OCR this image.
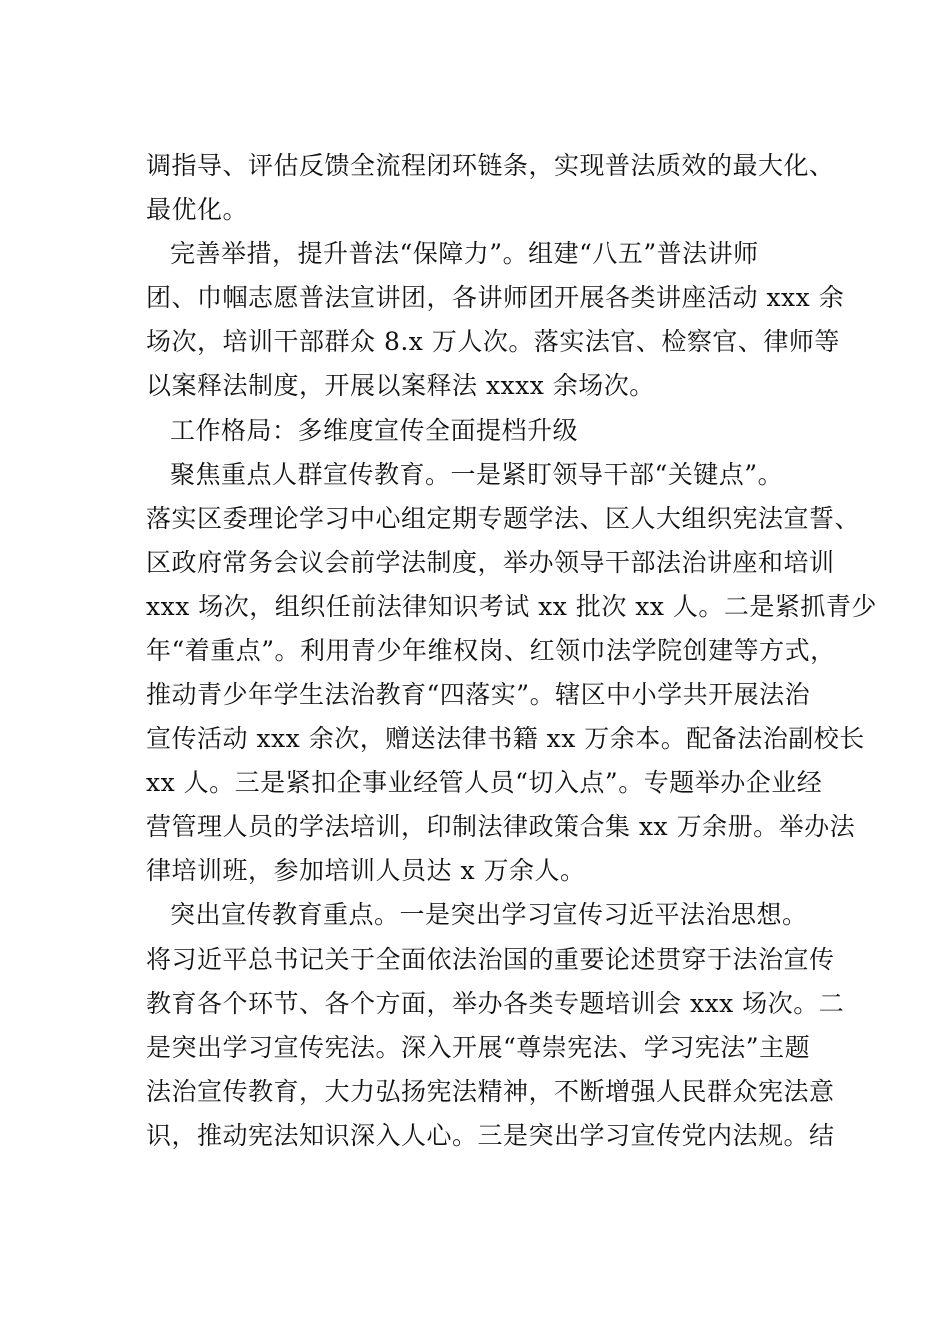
调指导、评估反馈全流程闭环链条，实现普法质效的最大化、
最优化。
完善举措，提升普法“保障力”。组建“八五”普法讲师
团、巾帼志愿普法宣讲团，各讲师团开展各类讲座活动 xxx 余
场次，培训干部群众 8.x 万人次。落实法官、检察官、律师等
以案释法制度，开展以案释法 xxxx 余场次。
工作格局：多维度宣传全面提档升级
聚焦重点人群宣传教育。一是紧盯领导干部“关键点”。
落实区委理论学习中心组定期专题学法、区人大组织宪法宣誓、
区政府常务会议会前学法制度，举办领导干部法治讲座和培训
xxx 场次，组织任前法律知识考试 xx 批次 xx 人。二是紧抓青少
年“着重点”。利用青少年维权岗、红领巾法学院创建等方式，
推动青少年学生法治教育“四落实”。辖区中小学共开展法治
宣传活动 xxx 余次，赠送法律书籍 xx 万余本。配备法治副校长
xx 人。三是紧扣企事业经管人员“切入点”。专题举办企业经
营管理人员的学法培训，印制法律政策合集 xx 万余册。举办法
律培训班，参加培训人员达 x 万余人。
突出宣传教育重点。一是突出学习宣传习近平法治思想。
将习近平总书记关于全面依法治国的重要论述贯穿于法治宣传
教育各个环节、各个方面，举办各类专题培训会 xxx 场次。二
是突出学习宣传宪法。深入开展“尊崇宪法、学习宪法”主题
法治宣传教育，大力弘扬宪法精神，不断增强人民群众宪法意
识，推动宪法知识深入人心。三是突出学习宣传党内法规。结
